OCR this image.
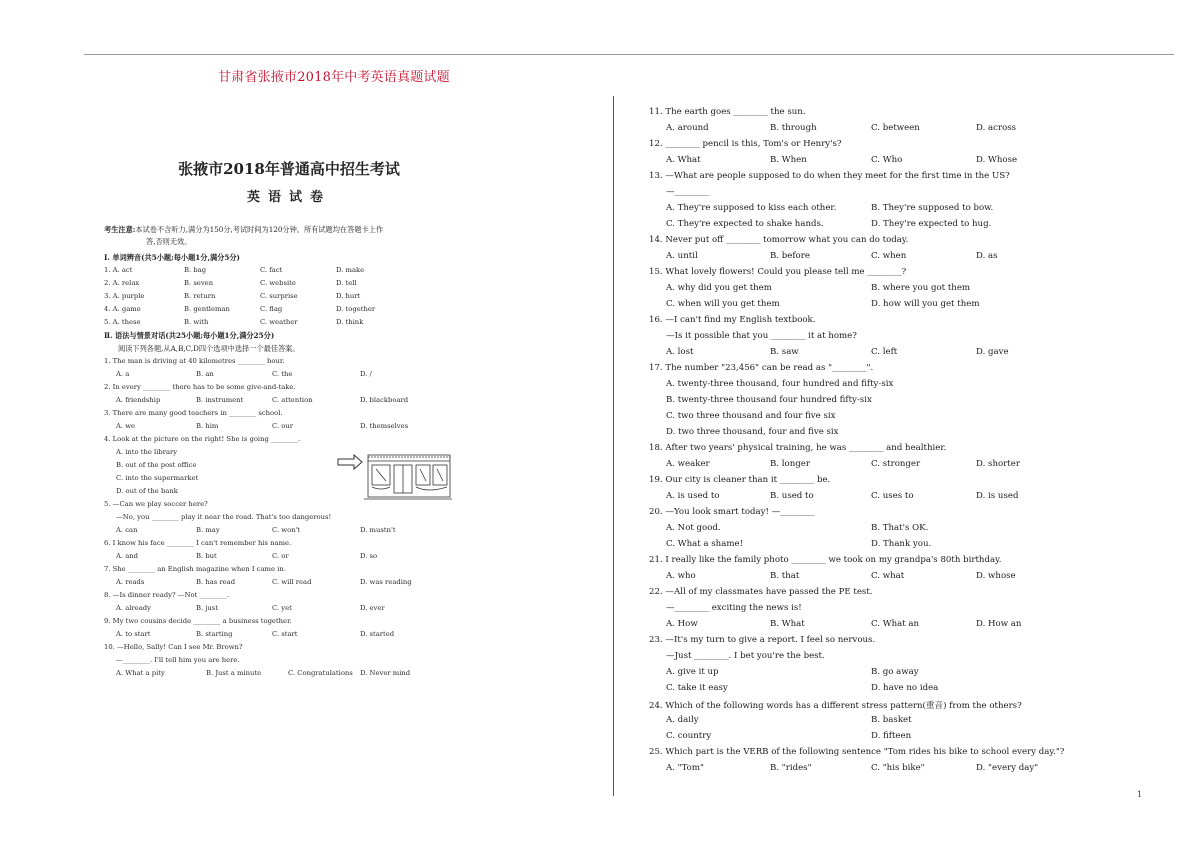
甘肃省张掖市2018年中考英语真题试题
张掖市2018年普通高中招生考试
英语试卷
考生注意:本试卷不含听力,满分为150分,考试时间为120分钟。所有试题均在答题卡上作
答,否则无效。
Ⅰ. 单词辨音(共5小题;每小题1分,满分5分)
1. A. act	B. bag	C. fact	D. make
2. A. relax	B. seven	C. website	D. tell
3. A. purple	B. return	C. surprise	D. hurt
4. A. game	B. gentleman	C. flag	D. together
5. A. these	B. with	C. weather	D. think
Ⅱ. 语法与情景对话(共25小题;每小题1分,满分25分)
阅读下列各题,从A,B,C,D四个选项中选择一个最佳答案。
1. The man is driving at 40 kilometres ________ hour.
A. a	B. an	C. the	D. /
2. In every ________ there has to be some give-and-take.
A. friendship	B. instrument	C. attention	D. blackboard
3. There are many good teachers in ________ school.
A. we	B. him	C. our	D. themselves
4. Look at the picture on the right! She is going ________.
A. into the library
B. out of the post office
C. into the supermarket
D. out of the bank
5. —Can we play soccer here?
—No, you ________ play it near the road. That's too dangerous!
A. can	B. may	C. won't	D. mustn't
6. I know his face ________ I can't remember his name.
A. and	B. but	C. or	D. so
7. She ________ an English magazine when I came in.
A. reads	B. has read	C. will read	D. was reading
8. —Is dinner ready? —Not ________.
A. already	B. just	C. yet	D. ever
9. My two cousins decide ________ a business together.
A. to start	B. starting	C. start	D. started
10. —Hello, Sally! Can I see Mr. Brown?
—________. I'll tell him you are here.
A. What a pity	B. Just a minute	C. Congratulations D. Never mind
11. The earth goes ________ the sun.
A. around	B. through	C. between	D. across
12. ________ pencil is this, Tom's or Henry's?
A. What	B. When	C. Who	D. Whose
13. —What are people supposed to do when they meet for the first time in the US?
—________
A. They're supposed to kiss each other.	B. They're supposed to bow.
C. They're expected to shake hands.	D. They're expected to hug.
14. Never put off ________ tomorrow what you can do today.
A. until	B. before	C. when	D. as
15. What lovely flowers! Could you please tell me ________?
A. why did you get them	B. where you got them
C. when will you get them	D. how will you get them
16. —I can't find my English textbook.
—Is it possible that you ________ it at home?
A. lost	B. saw	C. left	D. gave
17. The number "23,456" can be read as "________".
A. twenty-three thousand, four hundred and fifty-six
B. twenty-three thousand four hundred fifty-six
C. two three thousand and four five six
D. two three thousand, four and five six
18. After two years' physical training, he was ________ and healthier.
A. weaker	B. longer	C. stronger	D. shorter
19. Our city is cleaner than it ________ be.
A. is used to	B. used to	C. uses to	D. is used
20. —You look smart today! —________
A. Not good.	B. That's OK.
C. What a shame!	D. Thank you.
21. I really like the family photo ________ we took on my grandpa's 80th birthday.
A. who	B. that	C. what	D. whose
22. —All of my classmates have passed the PE test.
—________ exciting the news is!
A. How	B. What	C. What an	D. How an
23. —It's my turn to give a report. I feel so nervous.
—Just ________. I bet you're the best.
A. give it up	B. go away
C. take it easy	D. have no idea
24. Which of the following words has a different stress pattern(重音) from the others?
A. daily	B. basket
C. country	D. fifteen
25. Which part is the VERB of the following sentence "Tom rides his bike to school every day."?
A. "Tom"	B. "rides"	C. "his bike"	D. "every day"
1
